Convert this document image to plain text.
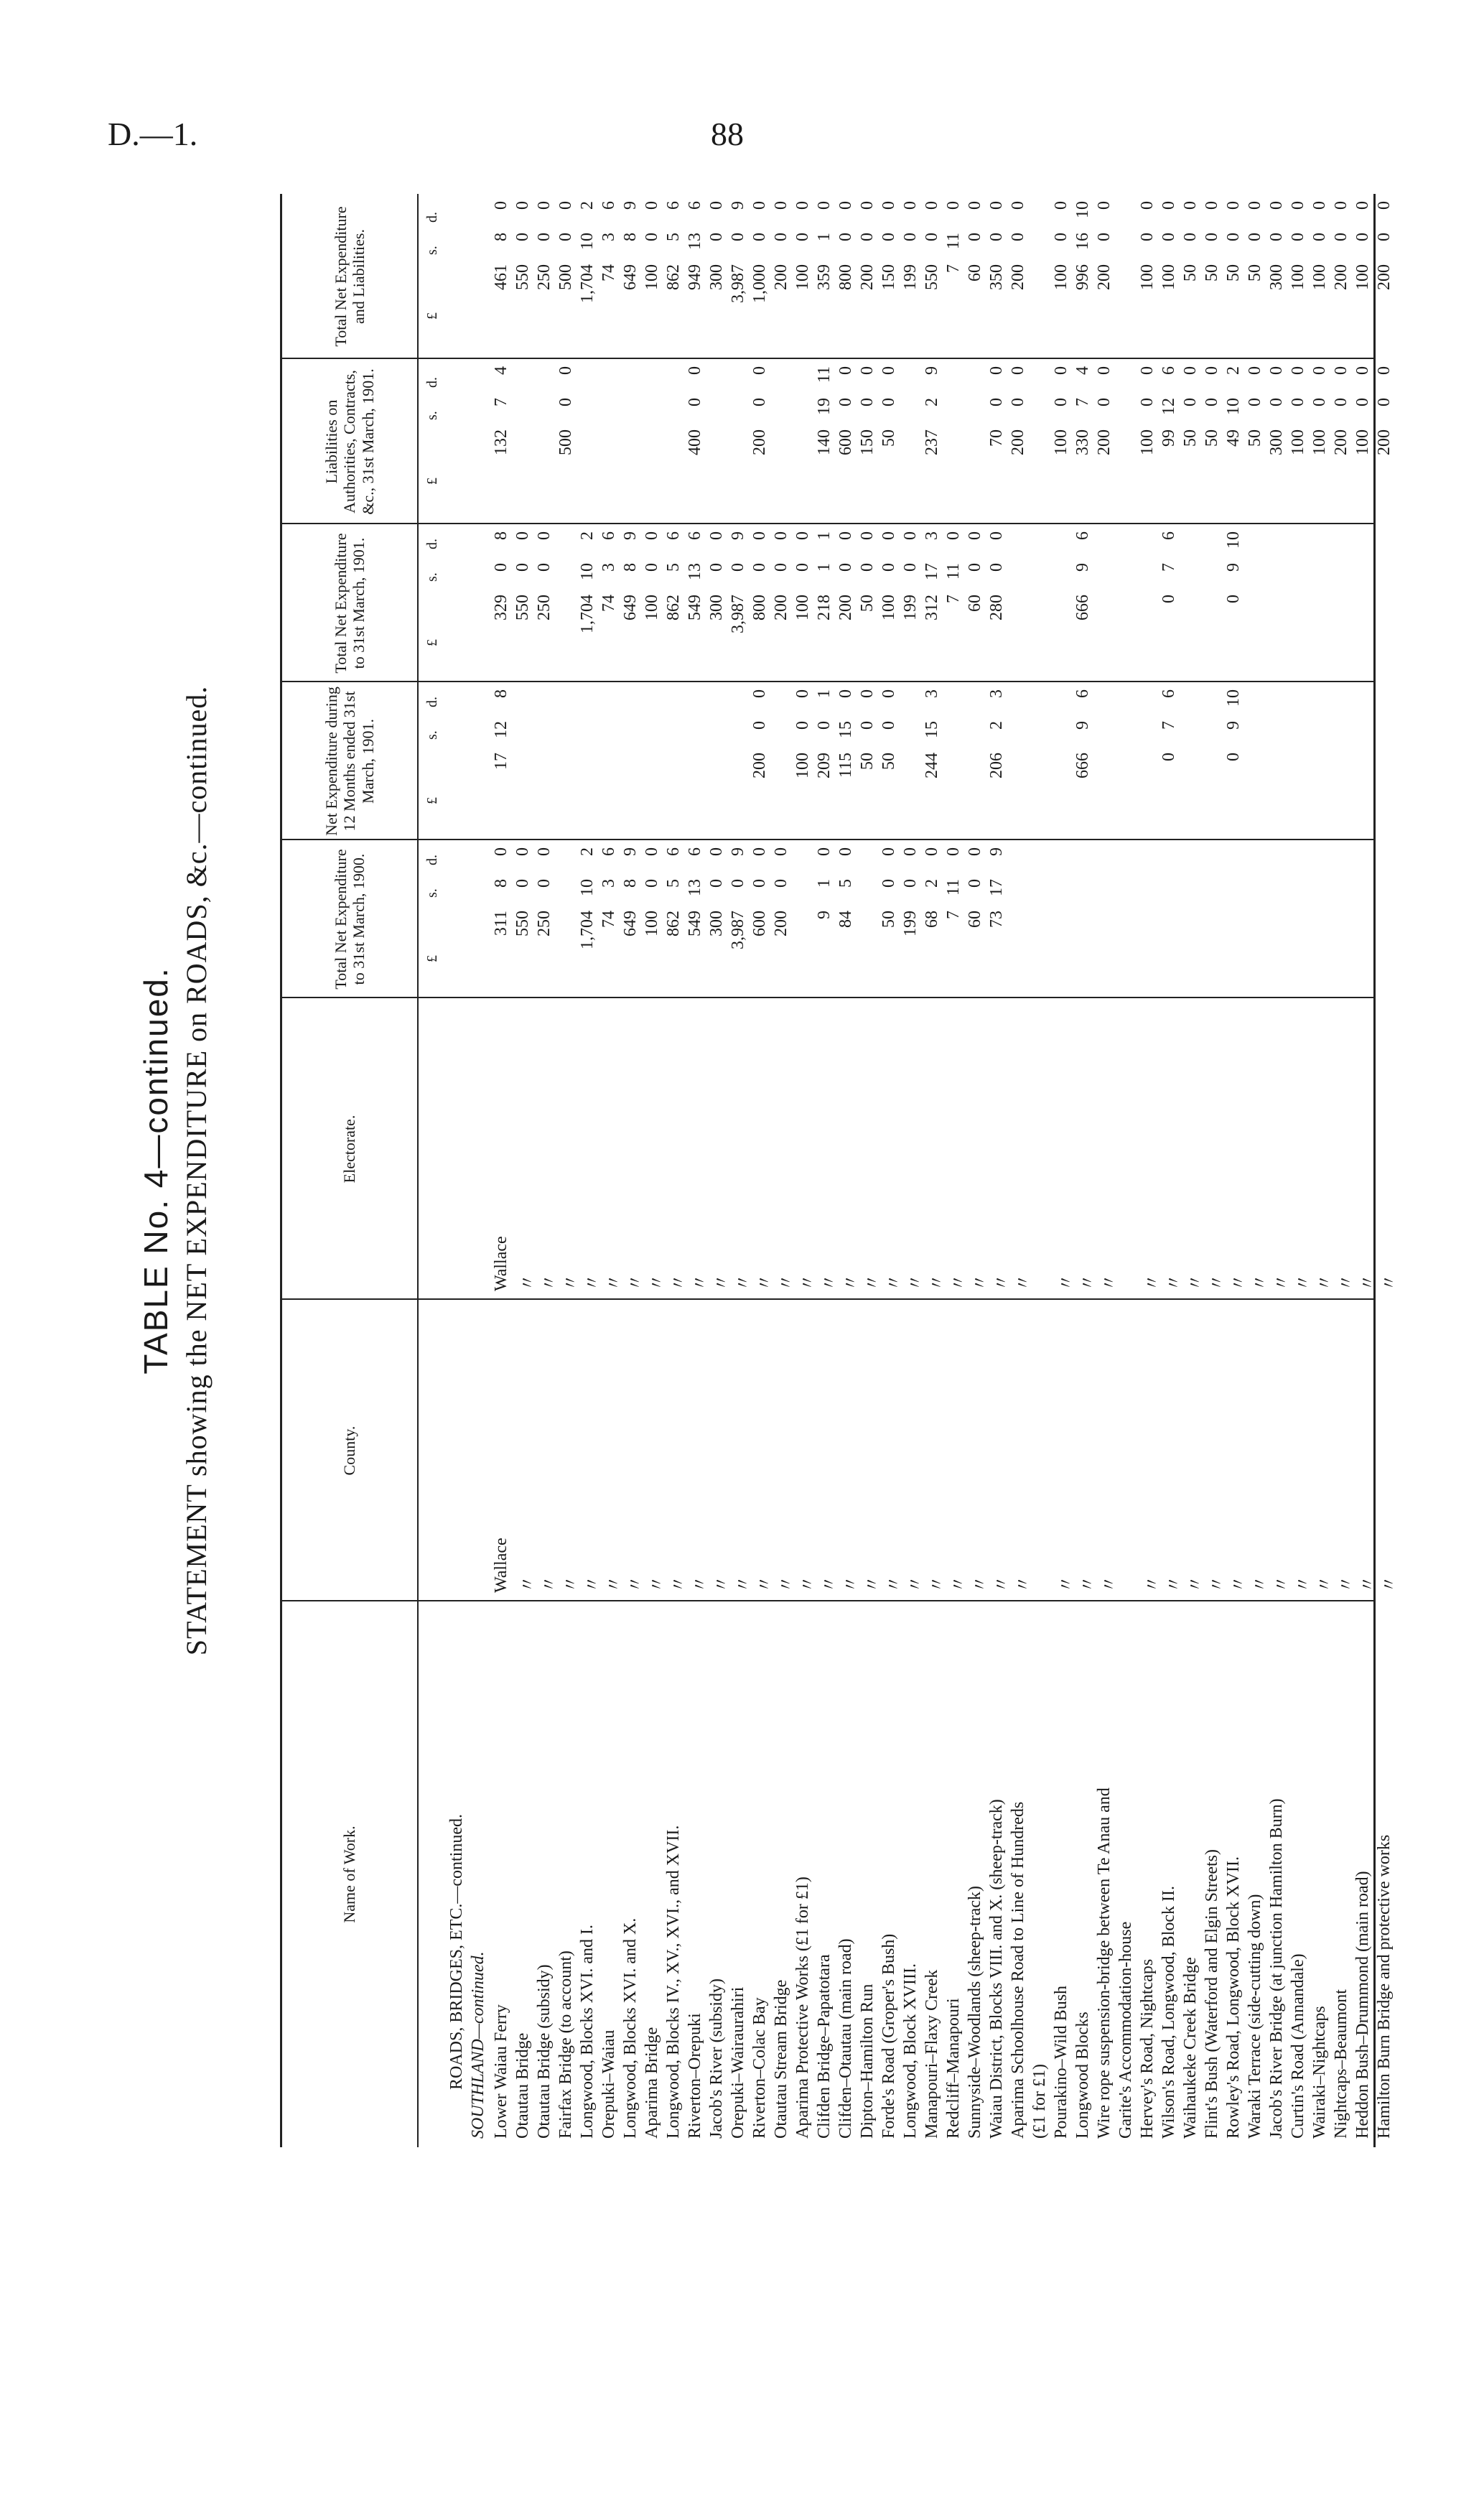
D.—1.	88
TABLE No. 4—continued. STATEMENT showing the NET EXPENDITURE on ROADS, &c.—continued.
Name of Work.
County.
Electorate.
Total Net Expenditure to 31st March, 1900.
Net Expenditure during 12 Months ended 31st March, 1901.
Total Net Expenditure to 31st March, 1901.
Liabilities on Authorities, Contracts, &c., 31st March, 1901.
Total Net Expenditure and Liabilities.
£
s.
d.
£
s.
d.
£
s.
d.
£
s.
d.
£
s.
d.
ROADS, BRIDGES, ETC.—continued. SOUTHLAND—continued. Lower Waiau Ferry
Wallace
Wallace
311
8
0
17
12
8
329
0
8
132
7
4
461
8
0
Otautau Bridge
〃
〃
550
0
0
550
0
0
550
0
0
Otautau Bridge (subsidy)
〃
〃
250
0
0
250
0
0
250
0
0
Fairfax Bridge (to account)
〃
〃
500
0
0
500
0
0
Longwood, Blocks XVI. and I.
〃
〃
1,704
10
2
1,704
10
2
1,704
10
2
Orepuki–Waiau
〃
〃
74
3
6
74
3
6
74
3
6
Longwood, Blocks XVI. and X.
〃
〃
649
8
9
649
8
9
649
8
9
Aparima Bridge
〃
〃
100
0
0
100
0
0
100
0
0
Longwood, Blocks IV., XV., XVI., and XVII.
〃
〃
862
5
6
862
5
6
862
5
6
Riverton–Orepuki
〃
〃
549
13
6
549
13
6
400
0
0
949
13
6
Jacob's River (subsidy)
〃
〃
300
0
0
300
0
0
300
0
0
Orepuki–Wairaurahiri
〃
〃
3,987
0
9
3,987
0
9
3,987
0
9
Riverton–Colac Bay
〃
〃
600
0
0
200
0
0
800
0
0
200
0
0
1,000
0
0
Otautau Stream Bridge
〃
〃
200
0
0
200
0
0
200
0
0
Aparima Protective Works (£1 for £1)
〃
〃
100
0
0
100
0
0
100
0
0
Clifden Bridge–Papatotara
〃
〃
9
1
0
209
0
1
218
1
1
140
19
11
359
1
0
Clifden–Otautau (main road)
〃
〃
84
5
0
115
15
0
200
0
0
600
0
0
800
0
0
Dipton–Hamilton Run
〃
〃
50
0
0
50
0
0
150
0
0
200
0
0
Forde's Road (Groper's Bush)
〃
〃
50
0
0
50
0
0
100
0
0
50
0
0
150
0
0
Longwood, Block XVIII.
〃
〃
199
0
0
199
0
0
199
0
0
Manapouri–Flaxy Creek
〃
〃
68
2
0
244
15
3
312
17
3
237
2
9
550
0
0
Redcliff–Manapouri
〃
〃
7
11
0
7
11
0
7
11
0
Sunnyside–Woodlands (sheep-track)
〃
〃
60
0
0
60
0
0
60
0
0
Waiau District, Blocks VIII. and X. (sheep-track)
〃
〃
73
17
9
206
2
3
280
0
0
70
0
0
350
0
0
Aparima Schoolhouse Road to Line of Hundreds
〃
〃
200
0
0
200
0
0
(£1 for £1) Pourakino–Wild Bush
〃
〃
100
0
0
100
0
0
Longwood Blocks
〃
〃
666
9
6
666
9
6
330
7
4
996
16
10
Wire rope suspension-bridge between Te Anau and
〃
〃
200
0
0
200
0
0
Garite's Accommodation-house Hervey's Road, Nightcaps
〃
〃
100
0
0
100
0
0
Wilson's Road, Longwood, Block II.
〃
〃
0
7
6
0
7
6
99
12
6
100
0
0
Waihaukeke Creek Bridge
〃
〃
50
0
0
50
0
0
Flint's Bush (Waterford and Elgin Streets)
〃
〃
50
0
0
50
0
0
Rowley's Road, Longwood, Block XVII.
〃
〃
0
9
10
0
9
10
49
10
2
50
0
0
Waraki Terrace (side-cutting down)
〃
〃
50
0
0
50
0
0
Jacob's River Bridge (at junction Hamilton Burn)
〃
〃
300
0
0
300
0
0
Curtin's Road (Annandale)
〃
〃
100
0
0
100
0
0
Wairaki–Nightcaps
〃
〃
100
0
0
100
0
0
Nightcaps–Beaumont
〃
〃
200
0
0
200
0
0
Heddon Bush–Drummond (main road)
〃
〃
100
0
0
100
0
0
Hamilton Burn Bridge and protective works
〃
〃
200
0
0
200
0
0
